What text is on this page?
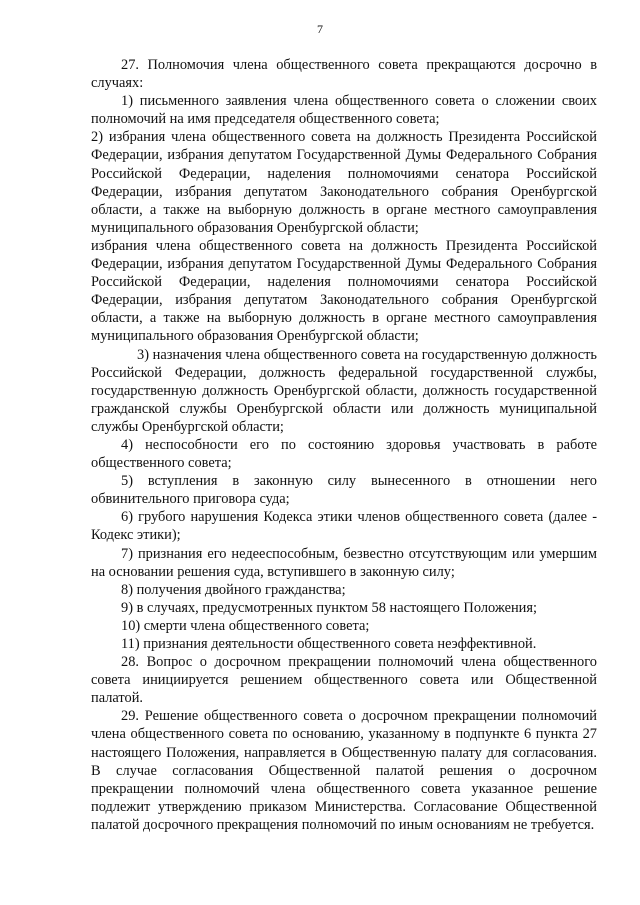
7

27. Полномочия члена общественного совета прекращаются досрочно в случаях:

1) письменного заявления члена общественного совета о сложении своих полномочий на имя председателя общественного совета;

2) избрания члена общественного совета на должность Президента Российской Федерации, избрания депутатом Государственной Думы Федерального Собрания Российской Федерации, наделения полномочиями сенатора Российской Федерации, избрания депутатом Законодательного собрания Оренбургской области, а также на выборную должность в органе местного самоуправления муниципального образования Оренбургской области;

избрания члена общественного совета на должность Президента Российской Федерации, избрания депутатом Государственной Думы Федерального Собрания Российской Федерации, наделения полномочиями сенатора Российской Федерации, избрания депутатом Законодательного собрания Оренбургской области, а также на выборную должность в органе местного самоуправления муниципального образования Оренбургской области;

3) назначения члена общественного совета на государственную должность Российской Федерации, должность федеральной государственной службы, государственную должность Оренбургской области, должность государственной гражданской службы Оренбургской области или должность муниципальной службы Оренбургской области;

4) неспособности его по состоянию здоровья участвовать в работе общественного совета;

5) вступления в законную силу вынесенного в отношении него обвинительного приговора суда;

6) грубого нарушения Кодекса этики членов общественного совета (далее - Кодекс этики);

7) признания его недееспособным, безвестно отсутствующим или умершим на основании решения суда, вступившего в законную силу;

8) получения двойного гражданства;

9) в случаях, предусмотренных пунктом 58 настоящего Положения;

10) смерти члена общественного совета;

11) признания деятельности общественного совета неэффективной.

28. Вопрос о досрочном прекращении полномочий члена общественного совета инициируется решением общественного совета или Общественной палатой.

29. Решение общественного совета о досрочном прекращении полномочий члена общественного совета по основанию, указанному в подпункте 6 пункта 27 настоящего Положения, направляется в Общественную палату для согласования. В случае согласования Общественной палатой решения о досрочном прекращении полномочий члена общественного совета указанное решение подлежит утверждению приказом Министерства. Согласование Общественной палатой досрочного прекращения полномочий по иным основаниям не требуется.
